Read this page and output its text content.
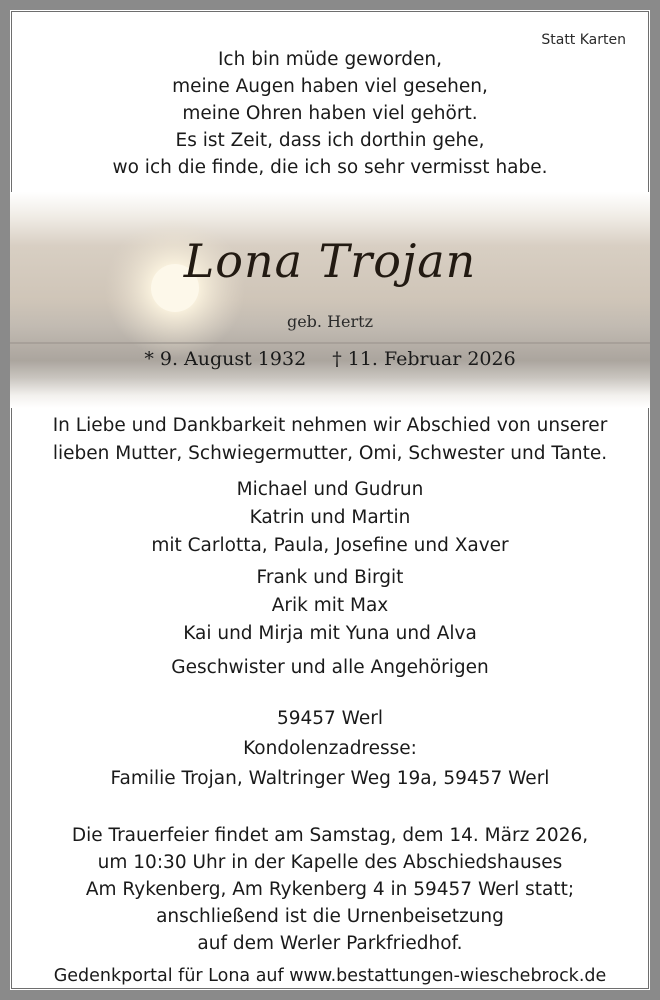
Statt Karten
Ich bin müde geworden,
meine Augen haben viel gesehen,
meine Ohren haben viel gehört.
Es ist Zeit, dass ich dorthin gehe,
wo ich die finde, die ich so sehr vermisst habe.
Lona Trojan
geb. Hertz
* 9. August 1932 † 11. Februar 2026
In Liebe und Dankbarkeit nehmen wir Abschied von unserer
lieben Mutter, Schwiegermutter, Omi, Schwester und Tante.
Michael und Gudrun
Katrin und Martin
mit Carlotta, Paula, Josefine und Xaver
Frank und Birgit
Arik mit Max
Kai und Mirja mit Yuna und Alva
Geschwister und alle Angehörigen
59457 Werl
Kondolenzadresse:
Familie Trojan, Waltringer Weg 19a, 59457 Werl
Die Trauerfeier findet am Samstag, dem 14. März 2026,
um 10:30 Uhr in der Kapelle des Abschiedshauses
Am Rykenberg, Am Rykenberg 4 in 59457 Werl statt;
anschließend ist die Urnenbeisetzung
auf dem Werler Parkfriedhof.
Gedenkportal für Lona auf www.bestattungen-wieschebrock.de
